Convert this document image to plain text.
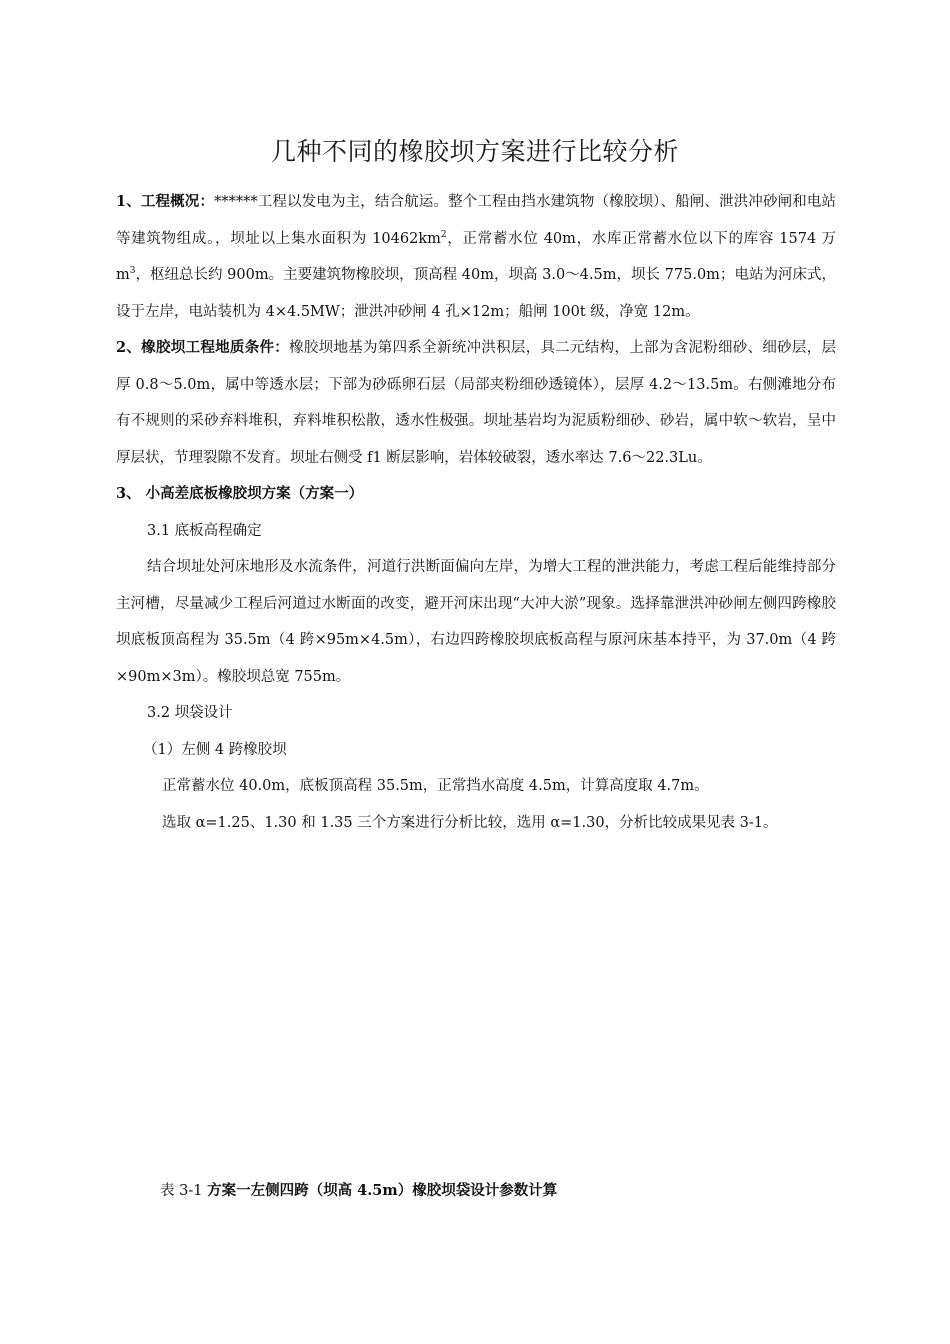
几种不同的橡胶坝方案进行比较分析

1、工程概况：******工程以发电为主，结合航运。整个工程由挡水建筑物（橡胶坝）、船闸、泄洪冲砂闸和电站等建筑物组成。，坝址以上集水面积为 $10462km^2$，正常蓄水位 40m，水库正常蓄水位以下的库容 1574 万 $m^3$，枢纽总长约 900m。主要建筑物橡胶坝，顶高程 40m，坝高 3.0～4.5m，坝长 775.0m；电站为河床式，设于左岸，电站装机为 4×4.5MW；泄洪冲砂闸 4 孔×12m；船闸 100t 级，净宽 12m。

2、橡胶坝工程地质条件：橡胶坝地基为第四系全新统冲洪积层，具二元结构，上部为含泥粉细砂、细砂层，层厚 0.8～5.0m，属中等透水层；下部为砂砾卵石层（局部夹粉细砂透镜体），层厚 4.2～13.5m。右侧滩地分布有不规则的采砂弃料堆积，弃料堆积松散，透水性极强。坝址基岩均为泥质粉细砂、砂岩，属中软～软岩，呈中厚层状，节理裂隙不发育。坝址右侧受 f1 断层影响，岩体较破裂，透水率达 7.6～22.3Lu。

3、 小高差底板橡胶坝方案（方案一）

3.1 底板高程确定

结合坝址处河床地形及水流条件，河道行洪断面偏向左岸，为增大工程的泄洪能力，考虑工程后能维持部分主河槽，尽量减少工程后河道过水断面的改变，避开河床出现“大冲大淤”现象。选择靠泄洪冲砂闸左侧四跨橡胶坝底板顶高程为 35.5m（4 跨×95m×4.5m），右边四跨橡胶坝底板高程与原河床基本持平，为 37.0m（4 跨×90m×3m）。橡胶坝总宽 755m。

3.2 坝袋设计

（1）左侧 4 跨橡胶坝

正常蓄水位 40.0m，底板顶高程 35.5m，正常挡水高度 4.5m，计算高度取 4.7m。

选取 α=1.25、1.30 和 1.35 三个方案进行分析比较，选用 α=1.30，分析比较成果见表 3-1。

表 3-1 方案一左侧四跨（坝高 4.5m）橡胶坝袋设计参数计算
